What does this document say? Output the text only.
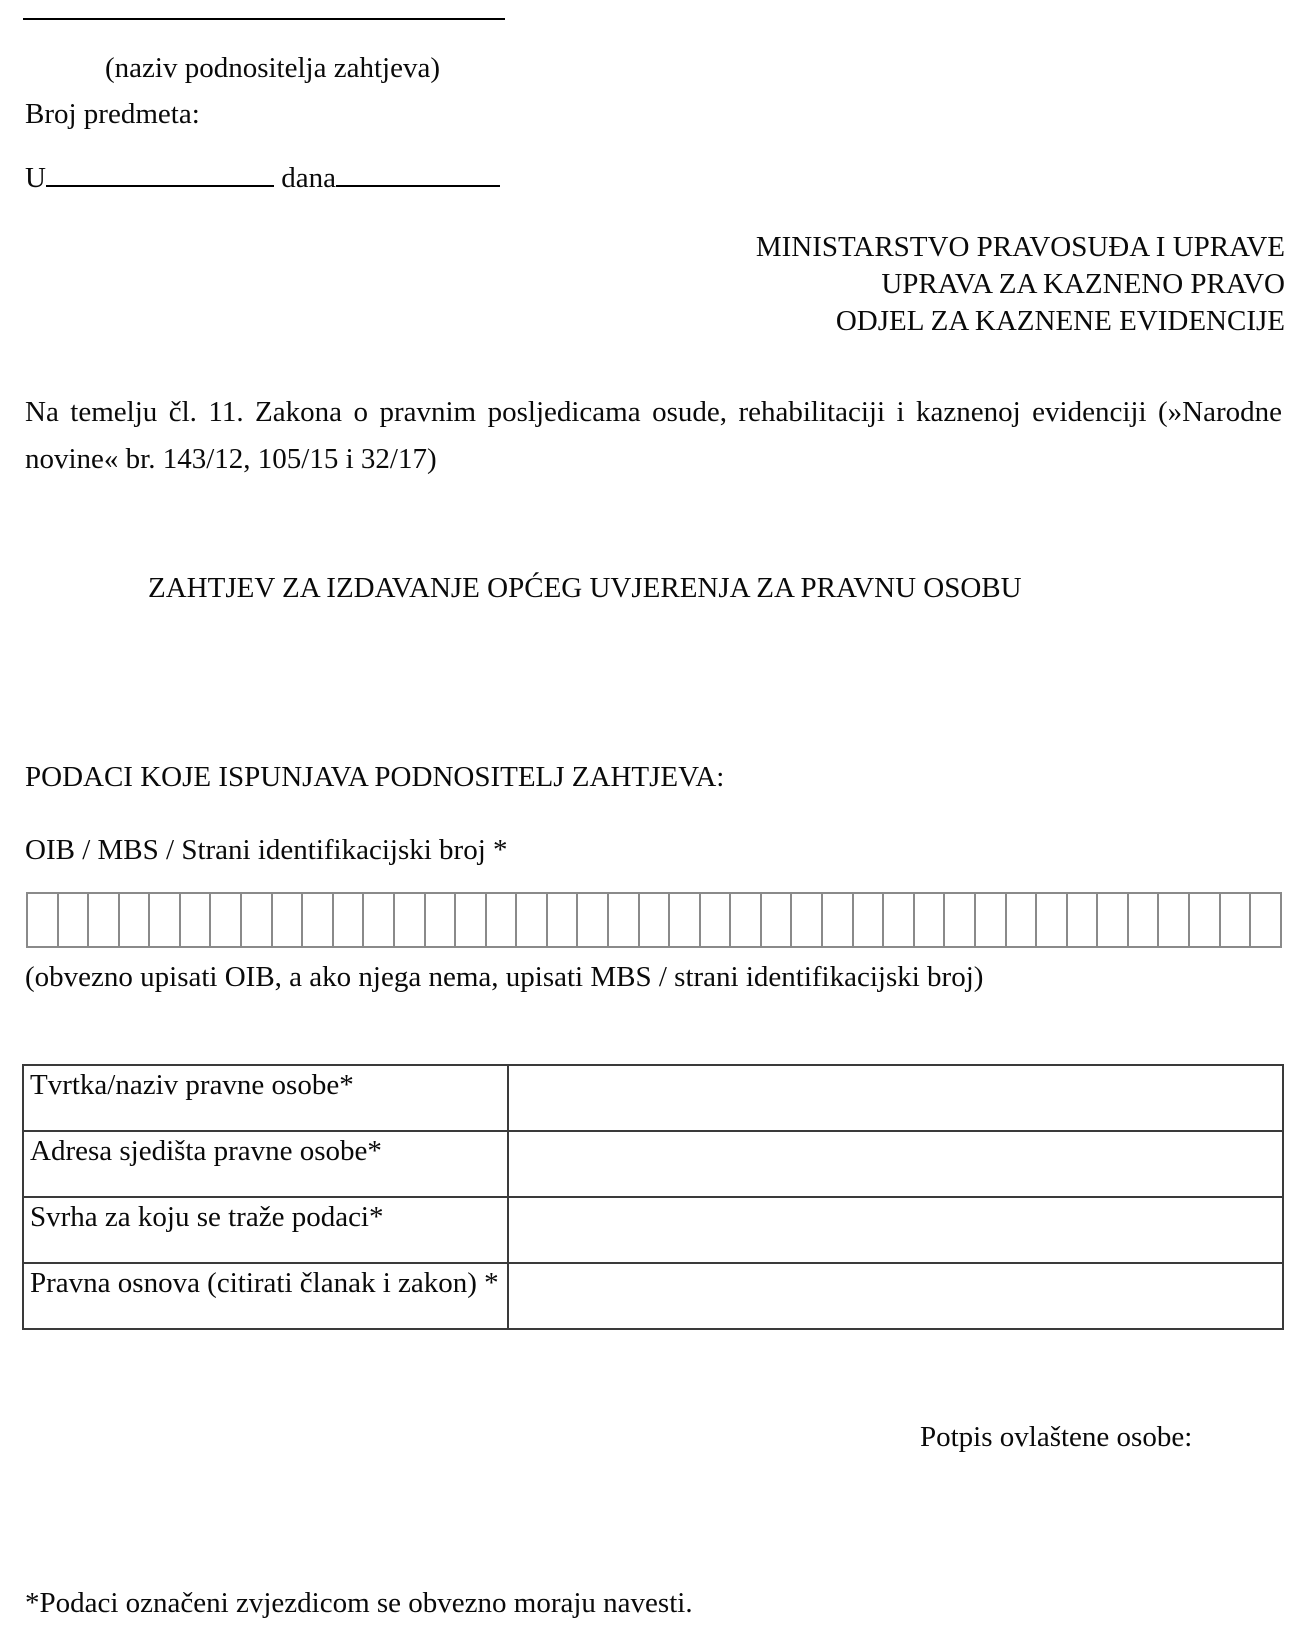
(naziv podnositelja zahtjeva)
Broj predmeta:
U	dana
MINISTARSTVO PRAVOSUĐA I UPRAVE
UPRAVA ZA KAZNENO PRAVO
ODJEL ZA KAZNENE EVIDENCIJE
Na temelju čl. 11. Zakona o pravnim posljedicama osude, rehabilitaciji i kaznenoj evidenciji (»Narodne
novine« br. 143/12, 105/15 i 32/17)
ZAHTJEV ZA IZDAVANJE OPĆEG UVJERENJA ZA PRAVNU OSOBU
PODACI KOJE ISPUNJAVA PODNOSITELJ ZAHTJEVA:
OIB / MBS / Strani identifikacijski broj *
(obvezno upisati OIB, a ako njega nema, upisati MBS / strani identifikacijski broj)
Tvrtka/naziv pravne osobe*	
Adresa sjedišta pravne osobe*	
Svrha za koju se traže podaci*	
Pravna osnova (citirati članak i zakon) *	
Potpis ovlaštene osobe:
*Podaci označeni zvjezdicom se obvezno moraju navesti.
